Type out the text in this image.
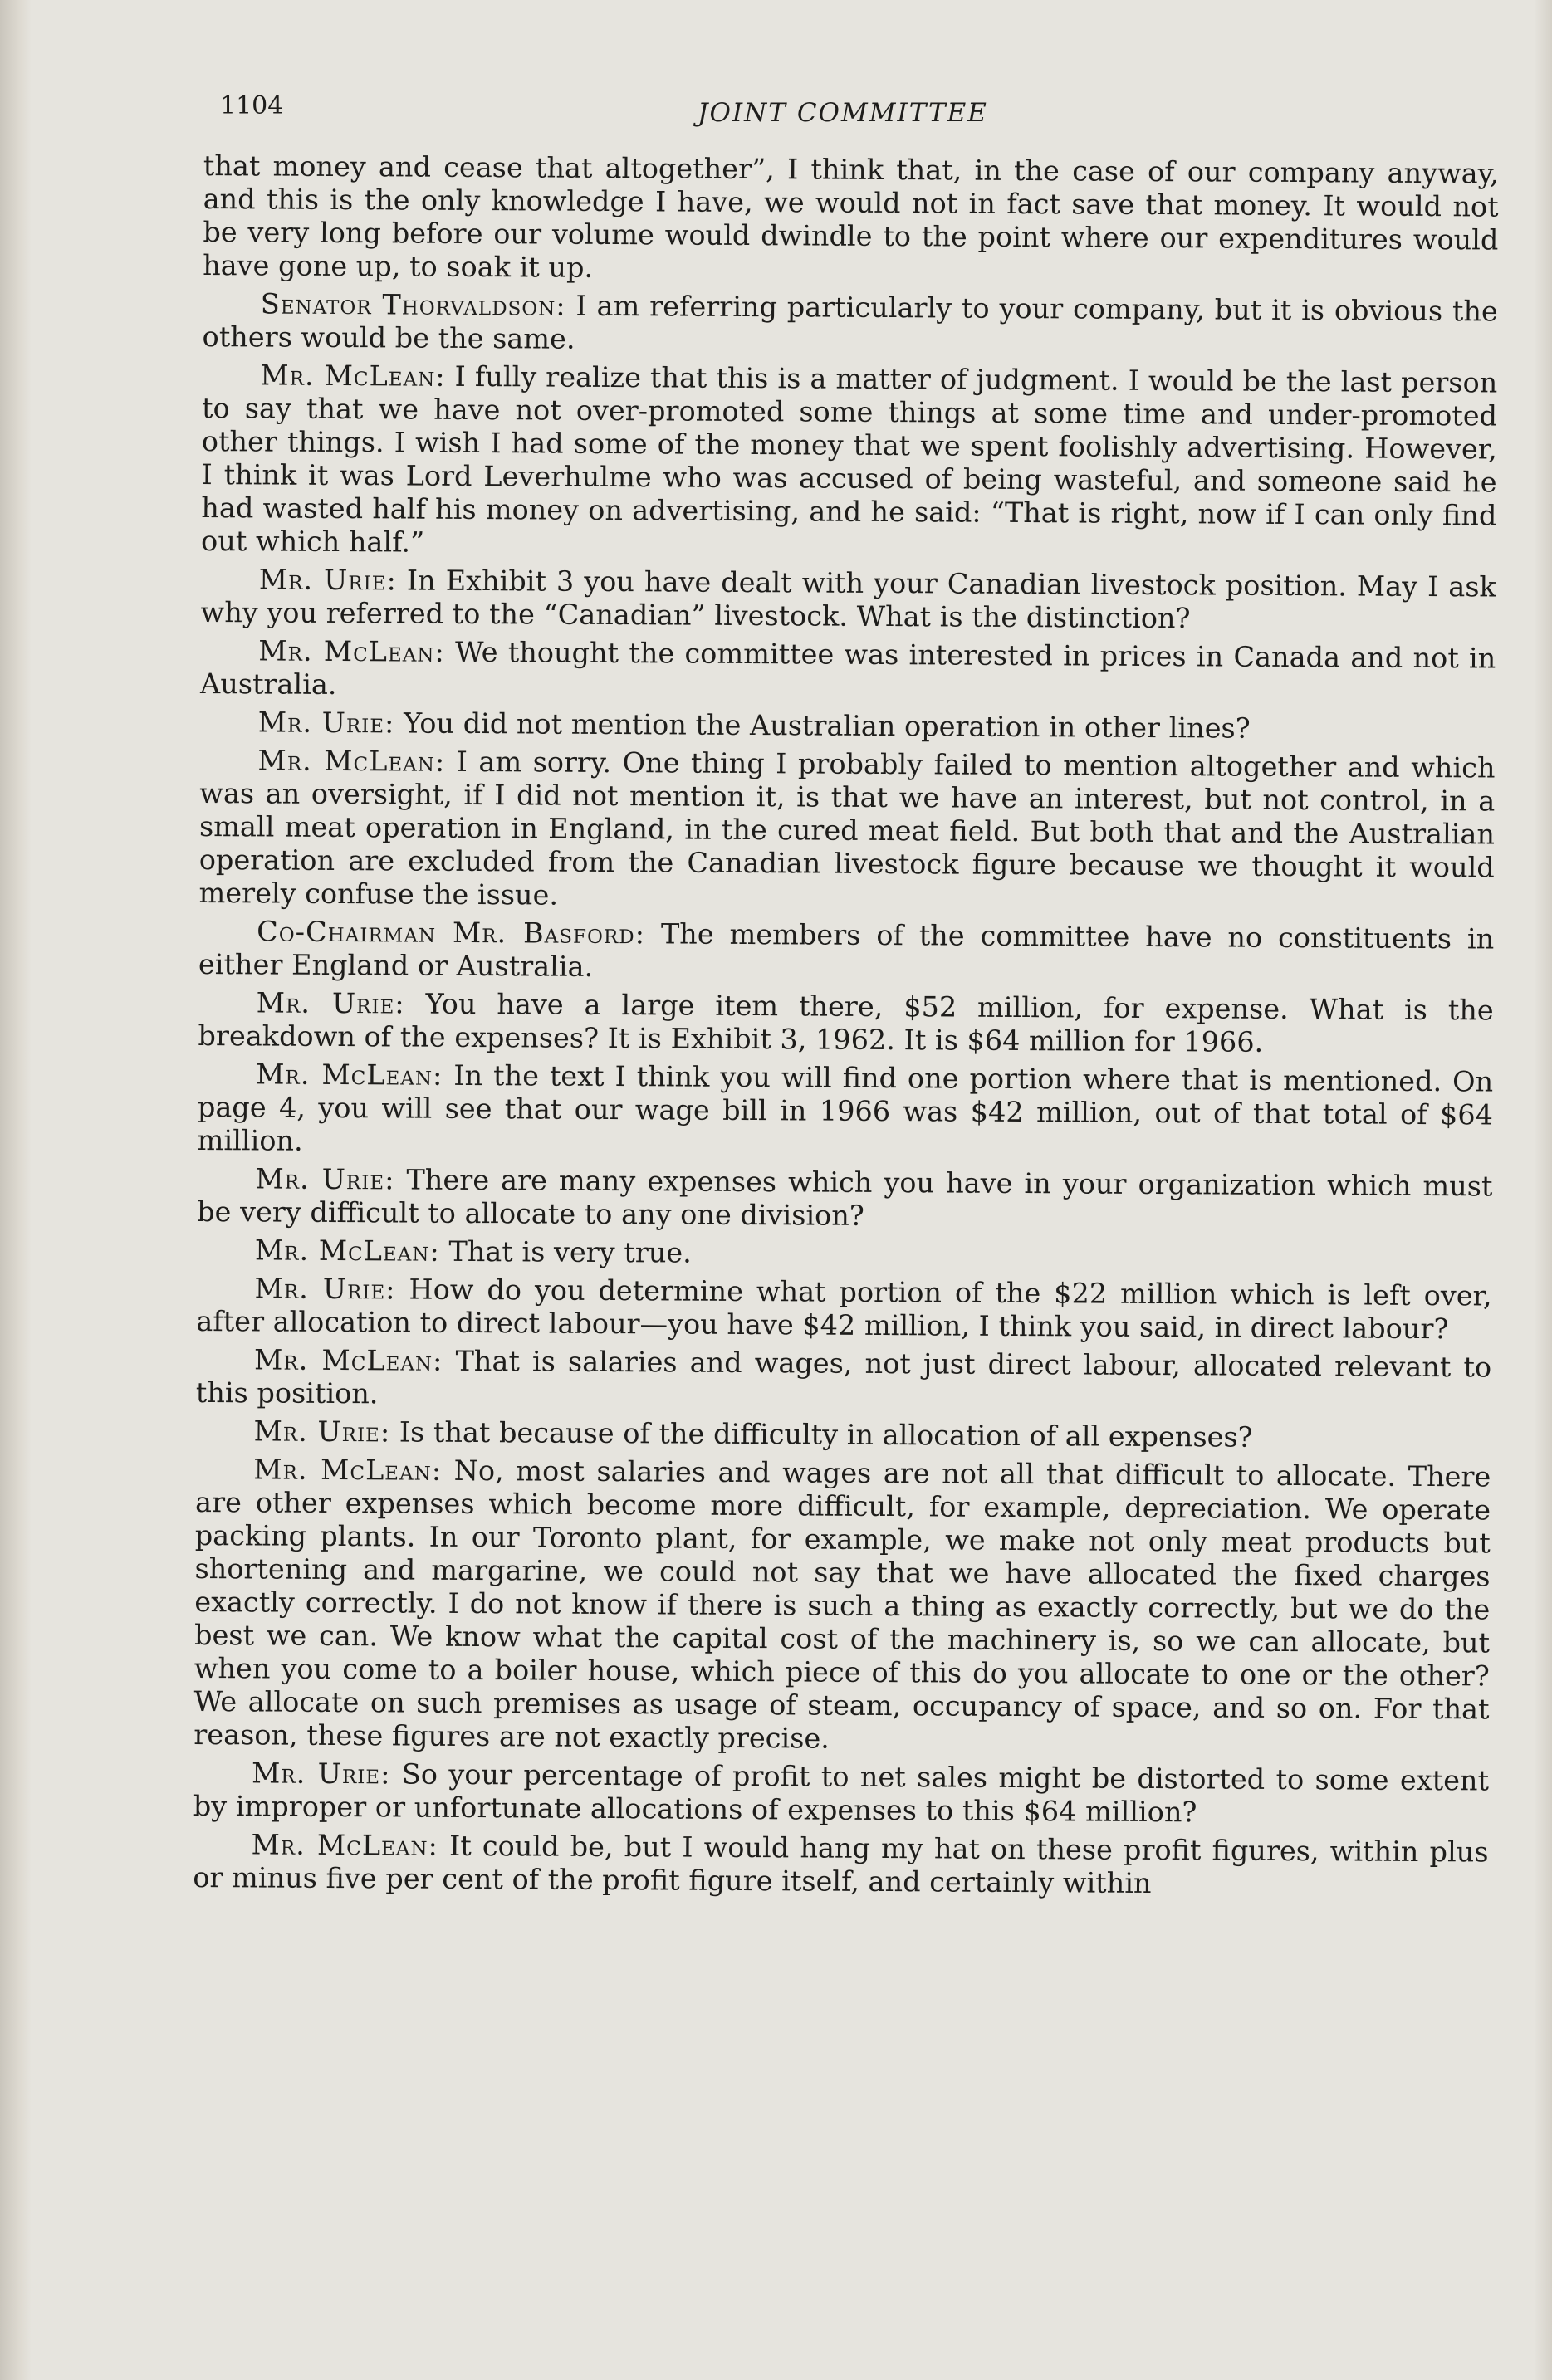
1104	JOINT COMMITTEE

that money and cease that altogether”, I think that, in the case of our company anyway, and this is the only knowledge I have, we would not in fact save that money. It would not be very long before our volume would dwindle to the point where our expenditures would have gone up, to soak it up.

Senator Thorvaldson: I am referring particularly to your company, but it is obvious the others would be the same.

Mr. McLean: I fully realize that this is a matter of judgment. I would be the last person to say that we have not over-promoted some things at some time and under-promoted other things. I wish I had some of the money that we spent foolishly advertising. However, I think it was Lord Leverhulme who was accused of being wasteful, and someone said he had wasted half his money on advertising, and he said: “That is right, now if I can only find out which half.”

Mr. Urie: In Exhibit 3 you have dealt with your Canadian livestock position. May I ask why you referred to the “Canadian” livestock. What is the distinction?

Mr. McLean: We thought the committee was interested in prices in Canada and not in Australia.

Mr. Urie: You did not mention the Australian operation in other lines?

Mr. McLean: I am sorry. One thing I probably failed to mention altogether and which was an oversight, if I did not mention it, is that we have an interest, but not control, in a small meat operation in England, in the cured meat field. But both that and the Australian operation are excluded from the Canadian livestock figure because we thought it would merely confuse the issue.

Co-Chairman Mr. Basford: The members of the committee have no constituents in either England or Australia.

Mr. Urie: You have a large item there, $52 million, for expense. What is the breakdown of the expenses? It is Exhibit 3, 1962. It is $64 million for 1966.

Mr. McLean: In the text I think you will find one portion where that is mentioned. On page 4, you will see that our wage bill in 1966 was $42 million, out of that total of $64 million.

Mr. Urie: There are many expenses which you have in your organization which must be very difficult to allocate to any one division?

Mr. McLean: That is very true.

Mr. Urie: How do you determine what portion of the $22 million which is left over, after allocation to direct labour—you have $42 million, I think you said, in direct labour?

Mr. McLean: That is salaries and wages, not just direct labour, allocated relevant to this position.

Mr. Urie: Is that because of the difficulty in allocation of all expenses?

Mr. McLean: No, most salaries and wages are not all that difficult to allocate. There are other expenses which become more difficult, for example, depreciation. We operate packing plants. In our Toronto plant, for example, we make not only meat products but shortening and margarine, we could not say that we have allocated the fixed charges exactly correctly. I do not know if there is such a thing as exactly correctly, but we do the best we can. We know what the capital cost of the machinery is, so we can allocate, but when you come to a boiler house, which piece of this do you allocate to one or the other? We allocate on such premises as usage of steam, occupancy of space, and so on. For that reason, these figures are not exactly precise.

Mr. Urie: So your percentage of profit to net sales might be distorted to some extent by improper or unfortunate allocations of expenses to this $64 million?

Mr. McLean: It could be, but I would hang my hat on these profit figures, within plus or minus five per cent of the profit figure itself, and certainly within
